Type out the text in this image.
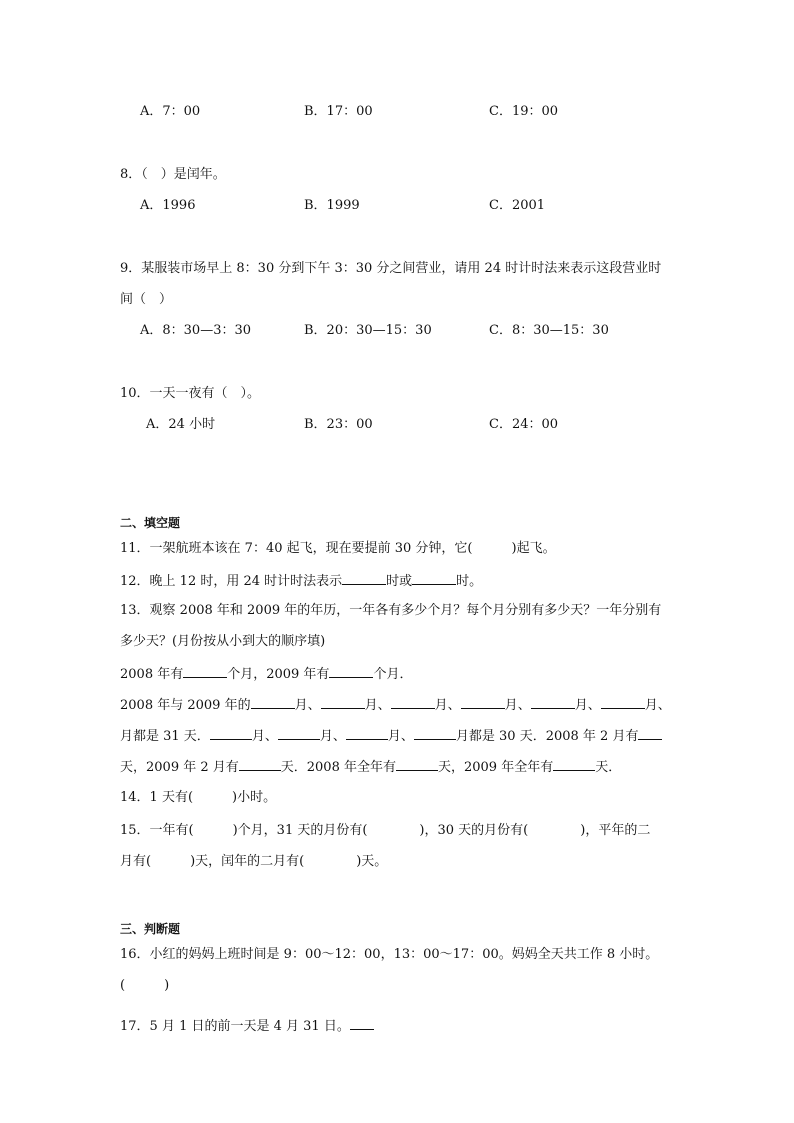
A．7：00	B．17：00	C．19：00
8．（　）是闰年。
A．1996	B．1999	C．2001
9．某服装市场早上 8：30 分到下午 3：30 分之间营业，请用 24 时计时法来表示这段营业时
间（　）
A．8：30—3：30	B．20：30—15：30	C．8：30—15：30
10．一天一夜有（　）。
A．24 小时	B．23：00	C．24：00
二、填空题
11．一架航班本该在 7：40 起飞，现在要提前 30 分钟，它(　　　)起飞。
12．晚上 12 时，用 24 时计时法表示	时或	时。
13．观察 2008 年和 2009 年的年历，一年各有多少个月？每个月分别有多少天？一年分别有
多少天？(月份按从小到大的顺序填)
2008 年有	个月，2009 年有	个月．
2008 年与 2009 年的	月、	月、	月、	月、	月、	月、
月都是 31 天．	月、	月、	月、	月都是 30 天．2008 年 2 月有
天，2009 年 2 月有	天．2008 年全年有	天，2009 年全年有	天．
14．1 天有(　　　)小时。
15．一年有(　　　)个月，31 天的月份有(　　　　)，30 天的月份有(　　　　)，平年的二
月有(　　　)天，闰年的二月有(　　　　)天。
三、判断题
16．小红的妈妈上班时间是 9：00～12：00，13：00～17：00。妈妈全天共工作 8 小时。
(　　　)
17．5 月 1 日的前一天是 4 月 31 日。
